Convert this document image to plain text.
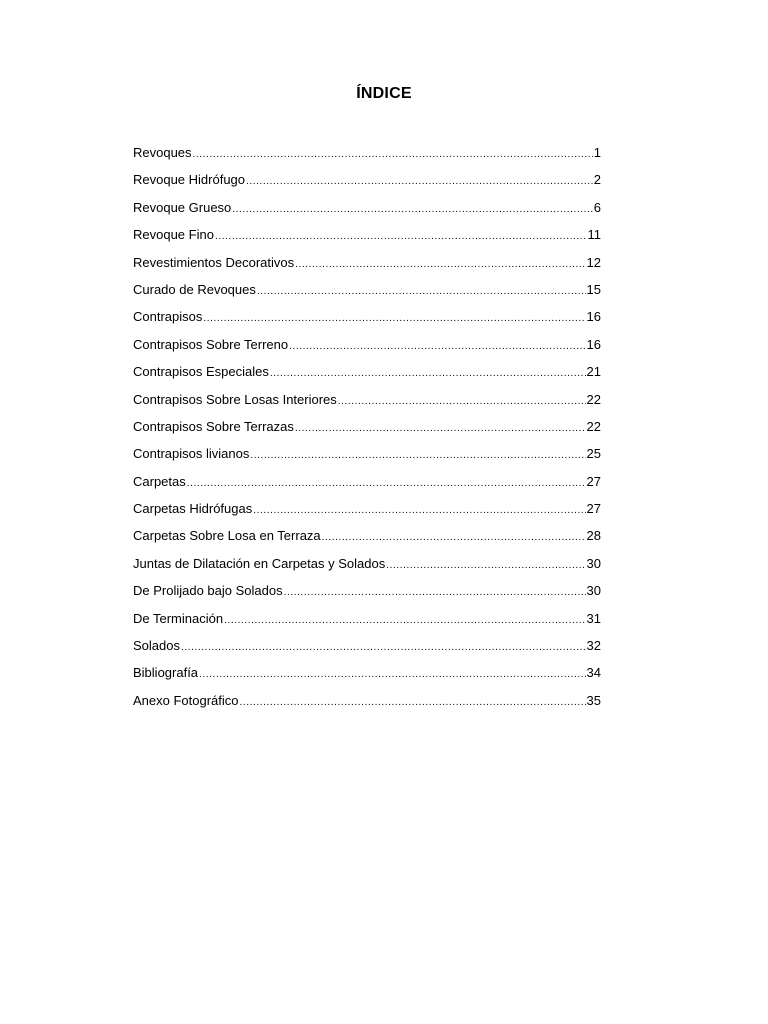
ÍNDICE
Revoques .....	1
Revoque Hidrófugo .....	2
Revoque Grueso .....	6
Revoque Fino .....	11
Revestimientos Decorativos .....	12
Curado de Revoques .....	15
Contrapisos .....	16
Contrapisos Sobre Terreno .....	16
Contrapisos Especiales .....	21
Contrapisos Sobre Losas Interiores .....	22
Contrapisos Sobre Terrazas .....	22
Contrapisos livianos .....	25
Carpetas .....	27
Carpetas Hidrófugas .....	27
Carpetas Sobre Losa en Terraza .....	28
Juntas de Dilatación en Carpetas y Solados .....	30
De Prolijado bajo Solados .....	30
De Terminación .....	31
Solados .....	32
Bibliografía .....	34
Anexo Fotográfico .....	35
